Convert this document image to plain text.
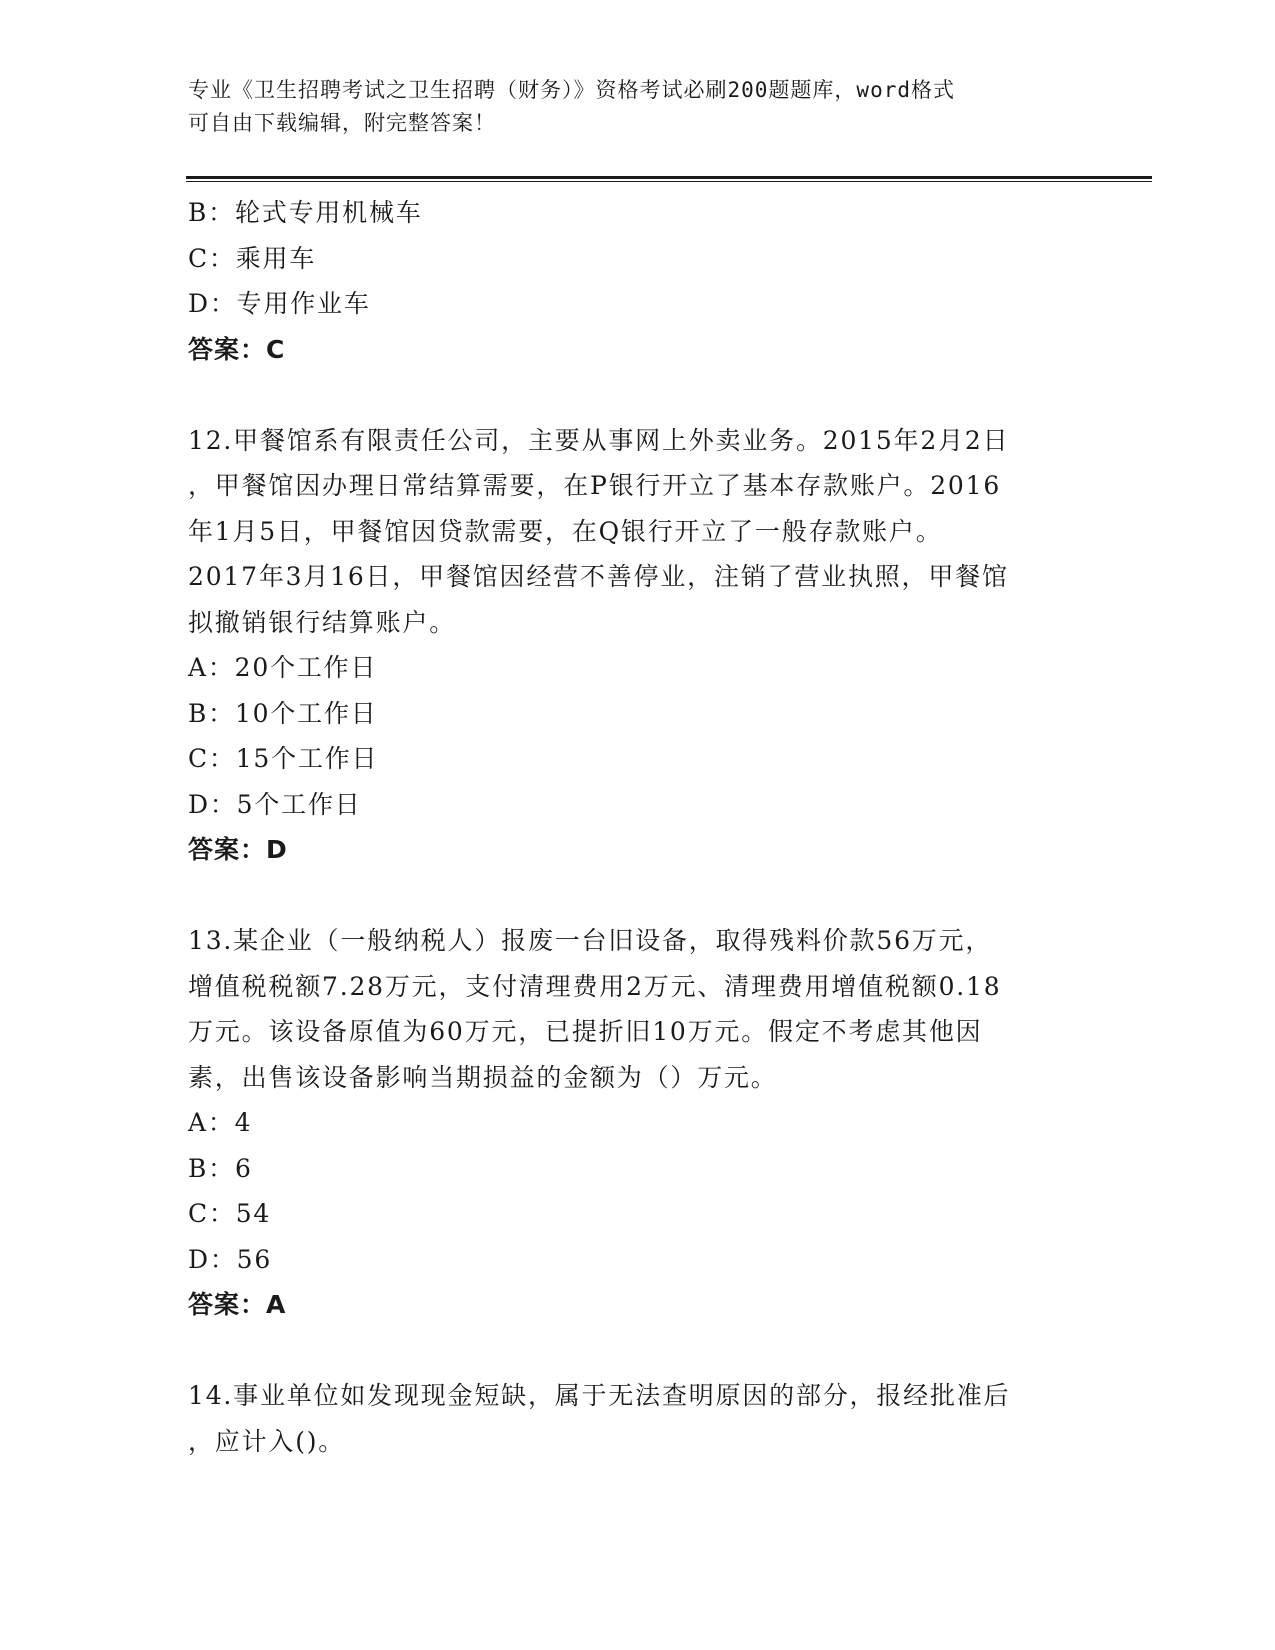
专业《卫生招聘考试之卫生招聘（财务）》资格考试必刷200题题库，word格式
可自由下载编辑，附完整答案！
B：轮式专用机械车
C：乘用车
D：专用作业车
答案：C
12.甲餐馆系有限责任公司，主要从事网上外卖业务。2015年2月2日
，甲餐馆因办理日常结算需要，在P银行开立了基本存款账户。2016
年1月5日，甲餐馆因贷款需要，在Q银行开立了一般存款账户。
2017年3月16日，甲餐馆因经营不善停业，注销了营业执照，甲餐馆
拟撤销银行结算账户。
A：20个工作日
B：10个工作日
C：15个工作日
D：5个工作日
答案：D
13.某企业（一般纳税人）报废一台旧设备，取得残料价款56万元，
增值税税额7.28万元，支付清理费用2万元、清理费用增值税额0.18
万元。该设备原值为60万元，已提折旧10万元。假定不考虑其他因
素，出售该设备影响当期损益的金额为（）万元。
A：4
B：6
C：54
D：56
答案：A
14.事业单位如发现现金短缺，属于无法查明原因的部分，报经批准后
，应计入()。
